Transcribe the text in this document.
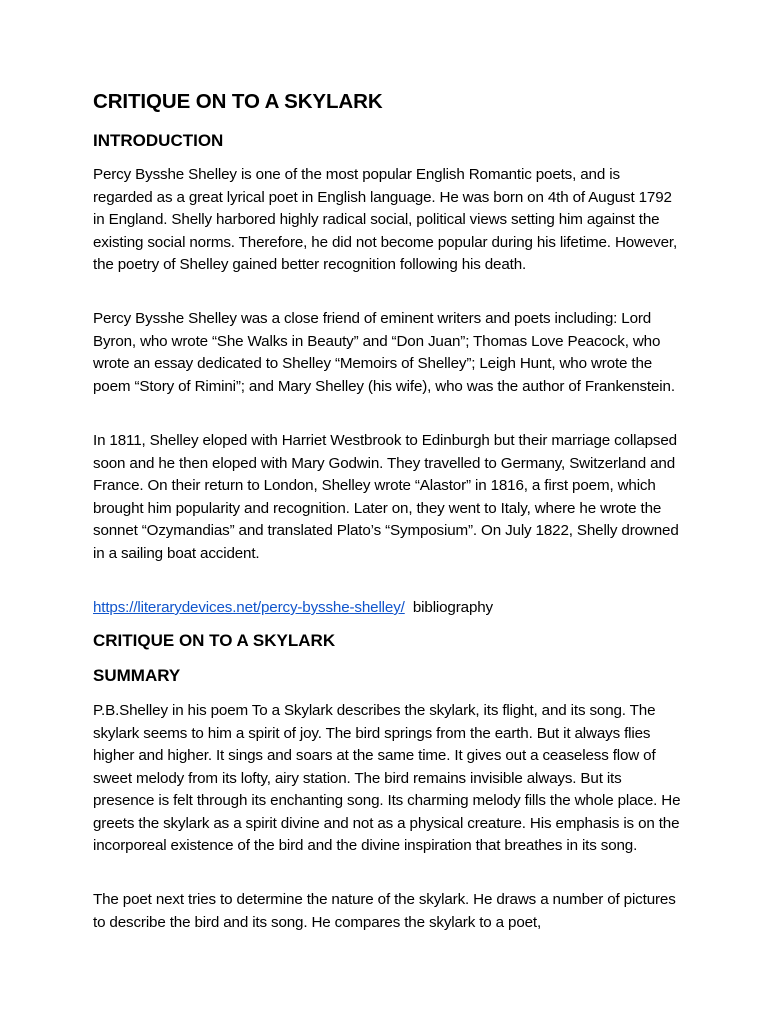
CRITIQUE ON TO A SKYLARK
INTRODUCTION

Percy Bysshe Shelley is one of the most popular English Romantic poets, and is regarded as a great lyrical poet in English language. He was born on 4th of August 1792 in England. Shelly harbored highly radical social, political views setting him against the existing social norms. Therefore, he did not become popular during his lifetime. However, the poetry of Shelley gained better recognition following his death.

Percy Bysshe Shelley was a close friend of eminent writers and poets including: Lord Byron, who wrote “She Walks in Beauty” and “Don Juan”; Thomas Love Peacock, who wrote an essay dedicated to Shelley “Memoirs of Shelley”; Leigh Hunt, who wrote the poem “Story of Rimini”; and Mary Shelley (his wife), who was the author of Frankenstein.

In 1811, Shelley eloped with Harriet Westbrook to Edinburgh but their marriage collapsed soon and he then eloped with Mary Godwin. They travelled to Germany, Switzerland and France. On their return to London, Shelley wrote “Alastor” in 1816, a first poem, which brought him popularity and recognition. Later on, they went to Italy, where he wrote the sonnet “Ozymandias” and translated Plato’s “Symposium”. On July 1822, Shelly drowned in a sailing boat accident.

https://literarydevices.net/percy-bysshe-shelley/ bibliography

CRITIQUE ON TO A SKYLARK
SUMMARY

P.B.Shelley in his poem To a Skylark describes the skylark, its flight, and its song. The skylark seems to him a spirit of joy. The bird springs from the earth. But it always flies higher and higher. It sings and soars at the same time. It gives out a ceaseless flow of sweet melody from its lofty, airy station. The bird remains invisible always. But its presence is felt through its enchanting song. Its charming melody fills the whole place. He greets the skylark as a spirit divine and not as a physical creature. His emphasis is on the incorporeal existence of the bird and the divine inspiration that breathes in its song.

The poet next tries to determine the nature of the skylark. He draws a number of pictures to describe the bird and its song. He compares the skylark to a poet,
